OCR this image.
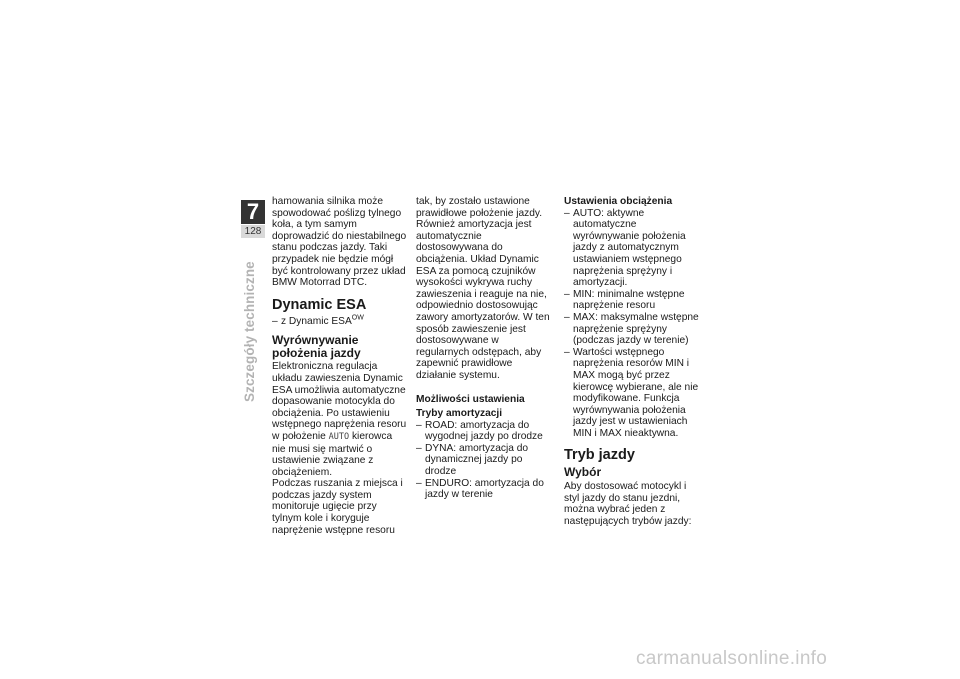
7
128
Szczegóły techniczne

hamowania silnika może spowodować poślizg tylnego koła, a tym samym doprowadzić do niestabilnego stanu podczas jazdy. Taki przypadek nie będzie mógł być kontrolowany przez układ BMW Motorrad DTC.

Dynamic ESA
– z Dynamic $ESA^{OW}$
Wyrównywanie położenia jazdy

Elektroniczna regulacja układu zawieszenia Dynamic ESA umożliwia automatyczne dopasowanie motocykla do obciążenia. Po ustawieniu wstępnego naprężenia resoru w położenie AUTO kierowca nie musi się martwić o ustawienie związane z obciążeniem.

Podczas ruszania z miejsca i podczas jazdy system monitoruje ugięcie przy tylnym kole i koryguje naprężenie wstępne resoru

tak, by zostało ustawione prawidłowe położenie jazdy. Również amortyzacja jest automatycznie dostosowywana do obciążenia. Układ Dynamic ESA za pomocą czujników wysokości wykrywa ruchy zawieszenia i reaguje na nie, odpowiednio dostosowując zawory amortyzatorów. W ten sposób zawieszenie jest dostosowywane w regularnych odstępach, aby zapewnić prawidłowe działanie systemu.

Możliwości ustawienia
Tryby amortyzacji
– ROAD: amortyzacja do wygodnej jazdy po drodze
– DYNA: amortyzacja do dynamicznej jazdy po drodze
– ENDURO: amortyzacja do jazdy w terenie
Ustawienia obciążenia
– AUTO: aktywne automatyczne wyrównywanie położenia jazdy z automatycznym ustawianiem wstępnego naprężenia sprężyny i amortyzacji.
– MIN: minimalne wstępne naprężenie resoru
– MAX: maksymalne wstępne naprężenie sprężyny (podczas jazdy w terenie)
– Wartości wstępnego naprężenia resorów MIN i MAX mogą być przez kierowcę wybierane, ale nie modyfikowane. Funkcja wyrównywania położenia jazdy jest w ustawieniach MIN i MAX nieaktywna.
Tryb jazdy
Wybór

Aby dostosować motocykl i styl jazdy do stanu jezdni, można wybrać jeden z następujących trybów jazdy:

carmanualsonline.info
